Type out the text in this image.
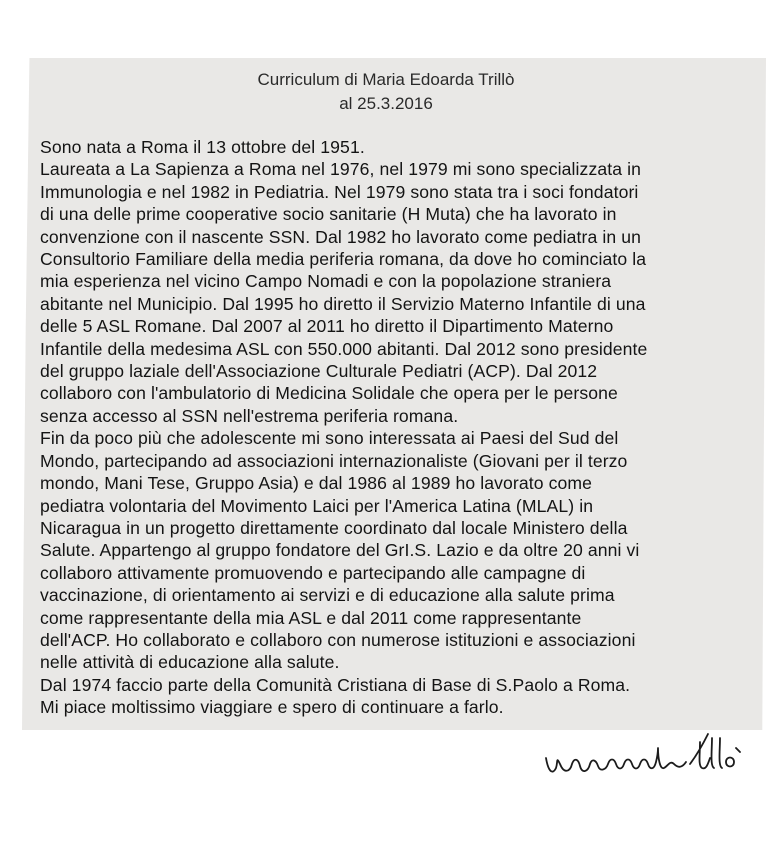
Curriculum di Maria Edoarda Trillò
al 25.3.2016
Sono nata a Roma il 13 ottobre del 1951.
Laureata a La Sapienza a Roma nel 1976, nel 1979 mi sono specializzata in
Immunologia e nel 1982 in Pediatria. Nel 1979 sono stata tra i soci fondatori
di una delle prime cooperative socio sanitarie (H Muta) che ha lavorato in
convenzione con il nascente SSN. Dal 1982 ho lavorato come pediatra in un
Consultorio Familiare della media periferia romana, da dove ho cominciato la
mia esperienza nel vicino Campo Nomadi e con la popolazione straniera
abitante nel Municipio. Dal 1995 ho diretto il Servizio Materno Infantile di una
delle 5 ASL Romane. Dal 2007 al 2011 ho diretto il Dipartimento Materno
Infantile della medesima ASL con 550.000 abitanti. Dal 2012 sono presidente
del gruppo laziale dell'Associazione Culturale Pediatri (ACP). Dal 2012
collaboro con l'ambulatorio di Medicina Solidale che opera per le persone
senza accesso al SSN nell'estrema periferia romana.
Fin da poco più che adolescente mi sono interessata ai Paesi del Sud del
Mondo, partecipando ad associazioni internazionaliste (Giovani per il terzo
mondo, Mani Tese, Gruppo Asia) e dal 1986 al 1989 ho lavorato come
pediatra volontaria del Movimento Laici per l'America Latina (MLAL) in
Nicaragua in un progetto direttamente coordinato dal locale Ministero della
Salute. Appartengo al gruppo fondatore del GrI.S. Lazio e da oltre 20 anni vi
collaboro attivamente promuovendo e partecipando alle campagne di
vaccinazione, di orientamento ai servizi e di educazione alla salute prima
come rappresentante della mia ASL e dal 2011 come rappresentante
dell'ACP. Ho collaborato e collaboro con numerose istituzioni e associazioni
nelle attività di educazione alla salute.
Dal 1974 faccio parte della Comunità Cristiana di Base di S.Paolo a Roma.
Mi piace moltissimo viaggiare e spero di continuare a farlo.
